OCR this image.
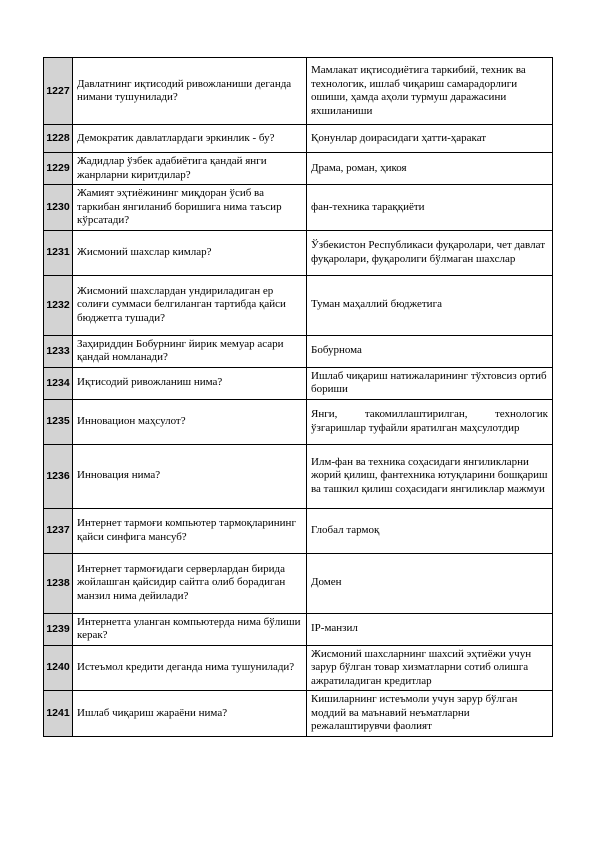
1227	Давлатнинг иқтисодий ривожланиши деганда нимани тушунилади?	Мамлакат иқтисодиётига таркибий, техник ва технологик, ишлаб чиқариш самарадорлиги ошиши, ҳамда аҳоли турмуш даражасини яхшиланиши
1228	Демократик давлатлардаги эркинлик - бу?	Қонунлар доирасидаги ҳатти-ҳаракат
1229	Жадидлар ўзбек адабиётига қандай янги жанрларни киритдилар?	Драма, роман, ҳикоя
1230	Жамият эҳтиёжининг миқдоран ўсиб ва таркибан янгиланиб боришига нима таъсир кўрсатади?	фан-техника тараққиёти
1231	Жисмоний шахслар кимлар?	Ўзбекистон Республикаси фуқаролари, чет давлат фуқаролари, фуқаролиги бўлмаган шахслар
1232	Жисмоний шахслардан ундириладиган ер солиғи суммаси белгиланган тартибда қайси бюджетга тушади?	Туман маҳаллий бюджетига
1233	Заҳириддин Бобурнинг йирик мемуар асари қандай номланади?	Бобурнома
1234	Иқтисодий ривожланиш нима?	Ишлаб чиқариш натижаларининг тўхтовсиз ортиб бориши
1235	Инновацион маҳсулот?	Янги, такомиллаштирилган, технологик ўзгаришлар туфайли яратилган маҳсулотдир
1236	Инновация нима?	Илм-фан ва техника соҳасидаги янгиликларни жорий қилиш, фантехника ютуқларини бошқариш ва ташкил қилиш соҳасидаги янгиликлар мажмуи
1237	Интернет тармоғи компьютер тармоқларининг қайси синфига мансуб?	Глобал тармоқ
1238	Интернет тармоғидаги серверлардан бирида жойлашган қайсидир сайтга олиб борадиган манзил нима дейилади?	Домен
1239	Интернетга уланган компьютерда нима бўлиши керак?	IP-манзил
1240	Истеъмол кредити деганда нима тушунилади?	Жисмоний шахсларнинг шахсий эҳтиёжи учун зарур бўлган товар хизматларни сотиб олишга ажратиладиган кредитлар
1241	Ишлаб чиқариш жараёни нима?	Кишиларнинг истеъмоли учун зарур бўлган моддий ва маънавий неъматларни режалаштирувчи фаолият
